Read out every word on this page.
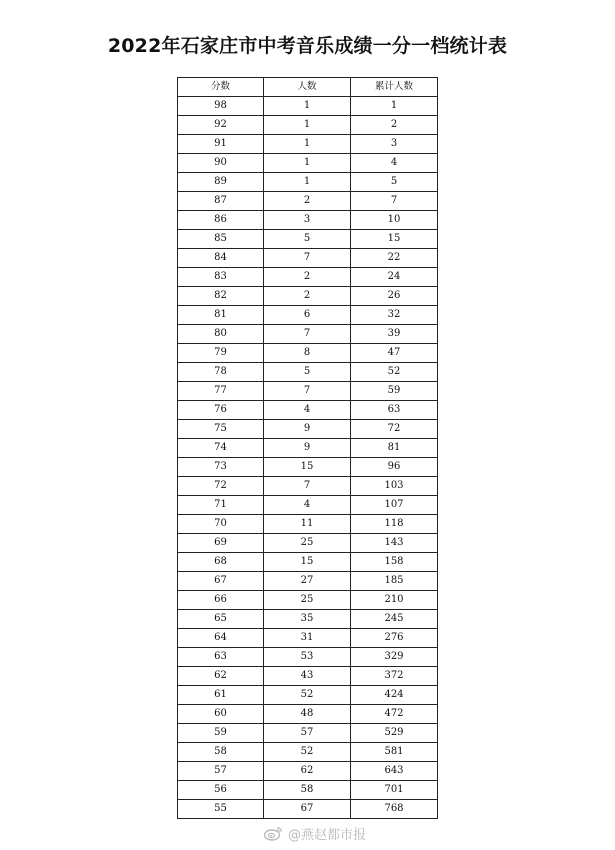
2022年石家庄市中考音乐成绩一分一档统计表
分数	人数	累计人数
98	1	1
92	1	2
91	1	3
90	1	4
89	1	5
87	2	7
86	3	10
85	5	15
84	7	22
83	2	24
82	2	26
81	6	32
80	7	39
79	8	47
78	5	52
77	7	59
76	4	63
75	9	72
74	9	81
73	15	96
72	7	103
71	4	107
70	11	118
69	25	143
68	15	158
67	27	185
66	25	210
65	35	245
64	31	276
63	53	329
62	43	372
61	52	424
60	48	472
59	57	529
58	52	581
57	62	643
56	58	701
55	67	768
@燕赵都市报
